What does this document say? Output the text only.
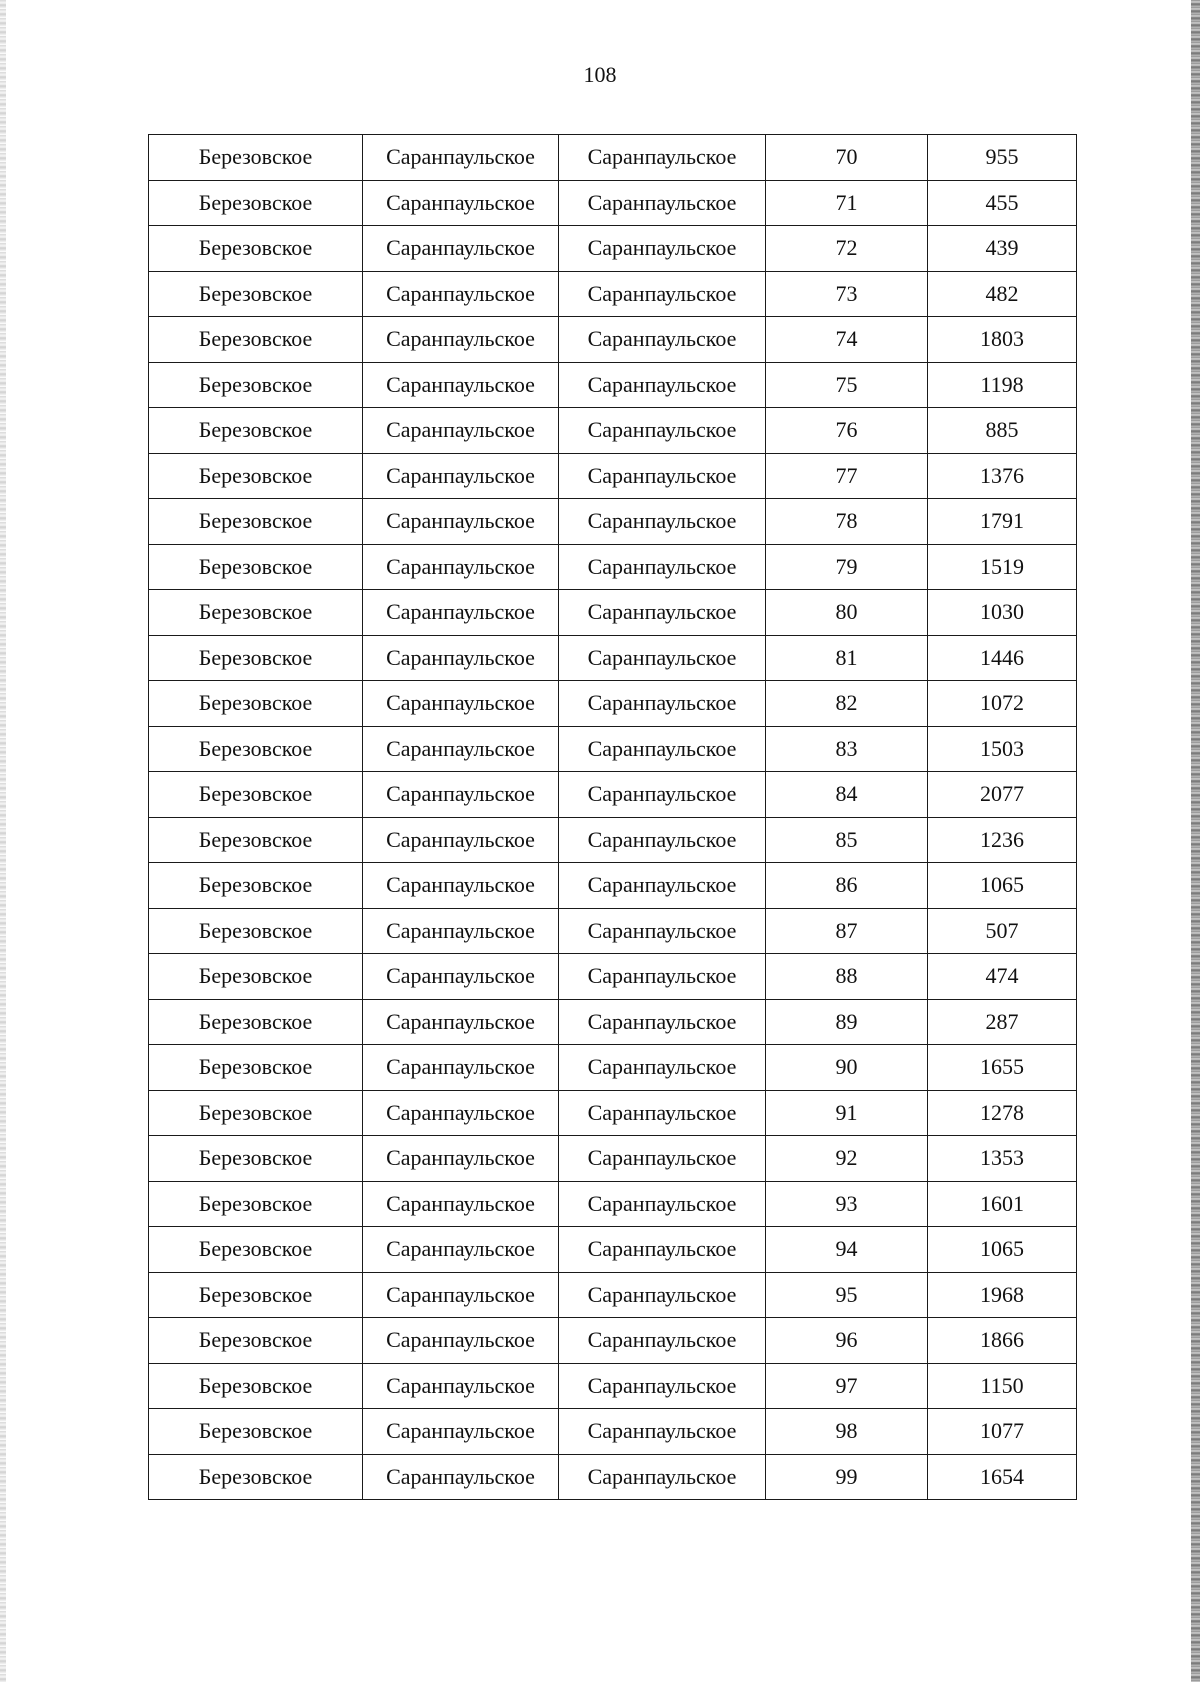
108
Березовское	Саранпаульское	Саранпаульское	70	955
Березовское	Саранпаульское	Саранпаульское	71	455
Березовское	Саранпаульское	Саранпаульское	72	439
Березовское	Саранпаульское	Саранпаульское	73	482
Березовское	Саранпаульское	Саранпаульское	74	1803
Березовское	Саранпаульское	Саранпаульское	75	1198
Березовское	Саранпаульское	Саранпаульское	76	885
Березовское	Саранпаульское	Саранпаульское	77	1376
Березовское	Саранпаульское	Саранпаульское	78	1791
Березовское	Саранпаульское	Саранпаульское	79	1519
Березовское	Саранпаульское	Саранпаульское	80	1030
Березовское	Саранпаульское	Саранпаульское	81	1446
Березовское	Саранпаульское	Саранпаульское	82	1072
Березовское	Саранпаульское	Саранпаульское	83	1503
Березовское	Саранпаульское	Саранпаульское	84	2077
Березовское	Саранпаульское	Саранпаульское	85	1236
Березовское	Саранпаульское	Саранпаульское	86	1065
Березовское	Саранпаульское	Саранпаульское	87	507
Березовское	Саранпаульское	Саранпаульское	88	474
Березовское	Саранпаульское	Саранпаульское	89	287
Березовское	Саранпаульское	Саранпаульское	90	1655
Березовское	Саранпаульское	Саранпаульское	91	1278
Березовское	Саранпаульское	Саранпаульское	92	1353
Березовское	Саранпаульское	Саранпаульское	93	1601
Березовское	Саранпаульское	Саранпаульское	94	1065
Березовское	Саранпаульское	Саранпаульское	95	1968
Березовское	Саранпаульское	Саранпаульское	96	1866
Березовское	Саранпаульское	Саранпаульское	97	1150
Березовское	Саранпаульское	Саранпаульское	98	1077
Березовское	Саранпаульское	Саранпаульское	99	1654
